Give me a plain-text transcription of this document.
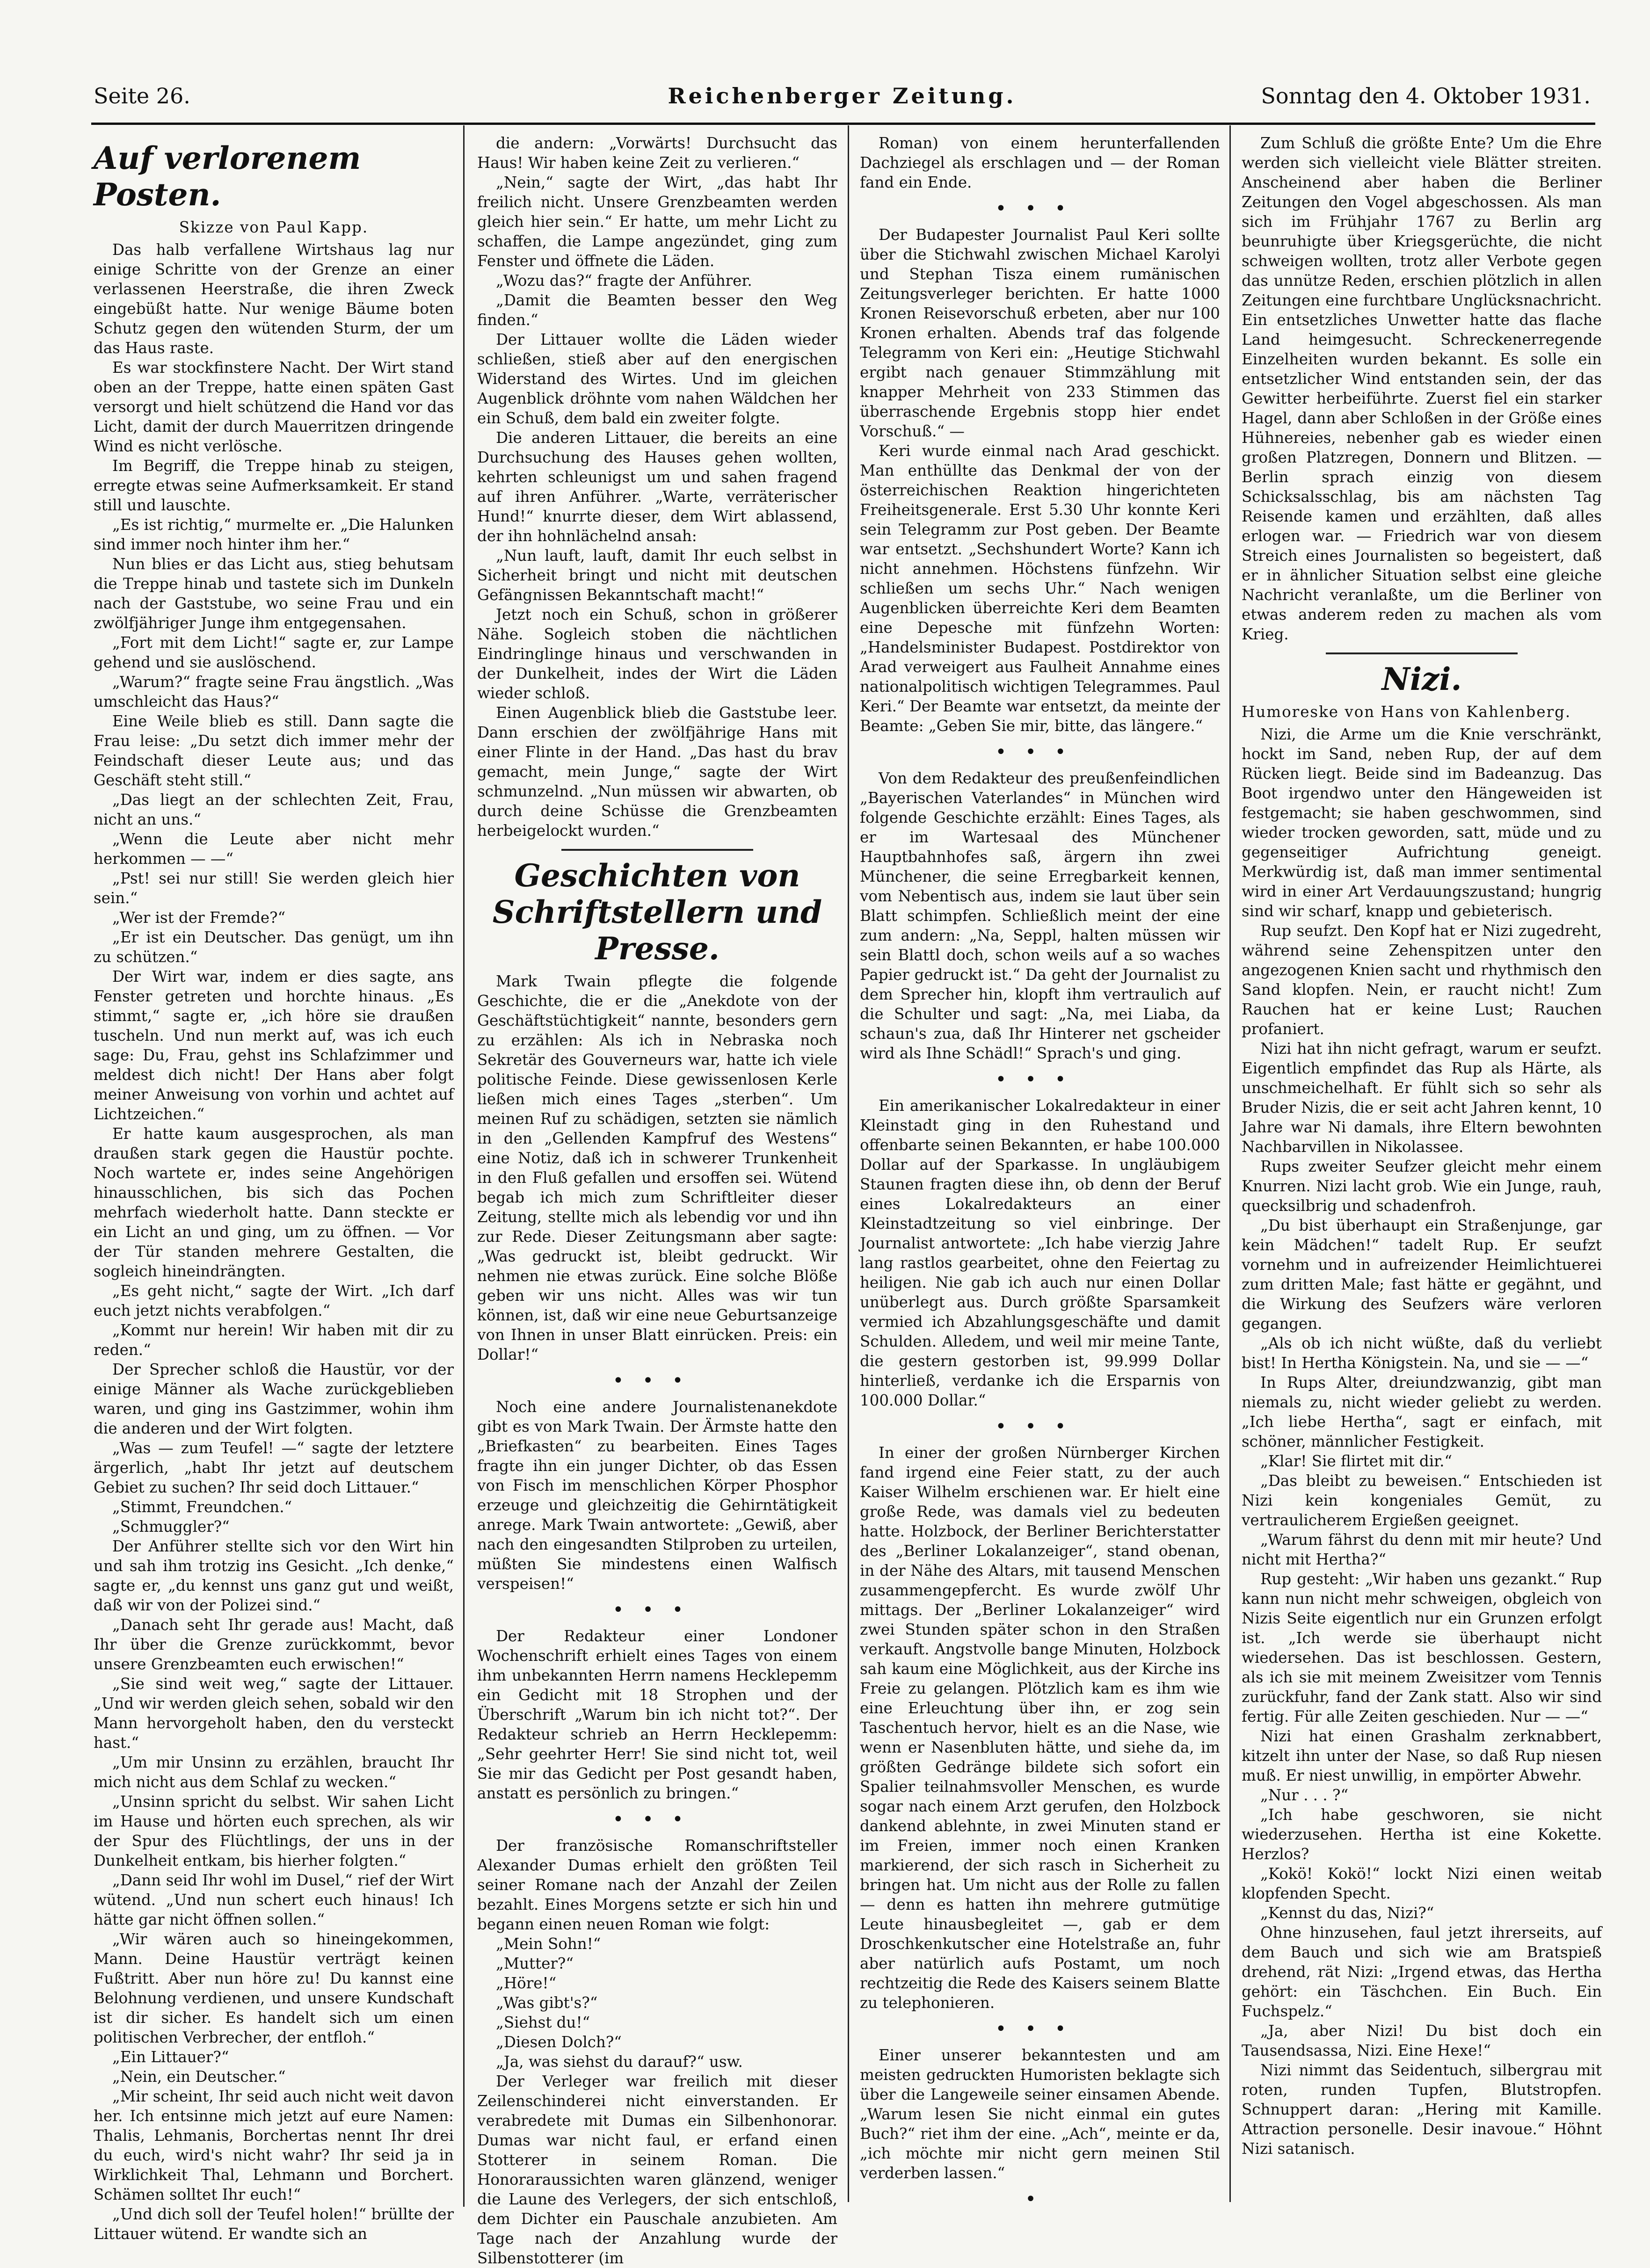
Reichenberger Zeitung.
Seite 26.	Sonntag den 4. Oktober 1931.
Auf verlorenem Posten.
Skizze von Paul Kapp.

Das halb verfallene Wirtshaus lag nur einige Schritte von der Grenze an einer verlassenen Heerstraße, die ihren Zweck eingebüßt hatte. Nur wenige Bäume boten Schutz gegen den wütenden Sturm, der um das Haus raste.

Es war stockfinstere Nacht. Der Wirt stand oben an der Treppe, hatte einen späten Gast versorgt und hielt schützend die Hand vor das Licht, damit der durch Mauerritzen dringende Wind es nicht verlösche.

Im Begriff, die Treppe hinab zu steigen, erregte etwas seine Aufmerksamkeit. Er stand still und lauschte.

„Es ist richtig,“ murmelte er. „Die Halunken sind immer noch hinter ihm her.“

Nun blies er das Licht aus, stieg behutsam die Treppe hinab und tastete sich im Dunkeln nach der Gaststube, wo seine Frau und ein zwölfjähriger Junge ihm entgegensahen.

„Fort mit dem Licht!“ sagte er, zur Lampe gehend und sie auslöschend.

„Warum?“ fragte seine Frau ängstlich. „Was umschleicht das Haus?“

Eine Weile blieb es still. Dann sagte die Frau leise: „Du setzt dich immer mehr der Feindschaft dieser Leute aus; und das Geschäft steht still.“

„Das liegt an der schlechten Zeit, Frau, nicht an uns.“

„Wenn die Leute aber nicht mehr herkommen — —“

„Pst! sei nur still! Sie werden gleich hier sein.“

„Wer ist der Fremde?“

„Er ist ein Deutscher. Das genügt, um ihn zu schützen.“

Der Wirt war, indem er dies sagte, ans Fenster getreten und horchte hinaus. „Es stimmt,“ sagte er, „ich höre sie draußen tuscheln. Und nun merkt auf, was ich euch sage: Du, Frau, gehst ins Schlafzimmer und meldest dich nicht! Der Hans aber folgt meiner Anweisung von vorhin und achtet auf Lichtzeichen.“

Er hatte kaum ausgesprochen, als man draußen stark gegen die Haustür pochte. Noch wartete er, indes seine Angehörigen hinausschlichen, bis sich das Pochen mehrfach wiederholt hatte. Dann steckte er ein Licht an und ging, um zu öffnen. — Vor der Tür standen mehrere Gestalten, die sogleich hineindrängten.

„Es geht nicht,“ sagte der Wirt. „Ich darf euch jetzt nichts verabfolgen.“

„Kommt nur herein! Wir haben mit dir zu reden.“

Der Sprecher schloß die Haustür, vor der einige Männer als Wache zurückgeblieben waren, und ging ins Gastzimmer, wohin ihm die anderen und der Wirt folgten.

„Was — zum Teufel! —“ sagte der letztere ärgerlich, „habt Ihr jetzt auf deutschem Gebiet zu suchen? Ihr seid doch Littauer.“

„Stimmt, Freundchen.“

„Schmuggler?“

Der Anführer stellte sich vor den Wirt hin und sah ihm trotzig ins Gesicht. „Ich denke,“ sagte er, „du kennst uns ganz gut und weißt, daß wir von der Polizei sind.“

„Danach seht Ihr gerade aus! Macht, daß Ihr über die Grenze zurückkommt, bevor unsere Grenzbeamten euch erwischen!“

„Sie sind weit weg,“ sagte der Littauer. „Und wir werden gleich sehen, sobald wir den Mann hervorgeholt haben, den du versteckt hast.“

„Um mir Unsinn zu erzählen, braucht Ihr mich nicht aus dem Schlaf zu wecken.“

„Unsinn spricht du selbst. Wir sahen Licht im Hause und hörten euch sprechen, als wir der Spur des Flüchtlings, der uns in der Dunkelheit entkam, bis hierher folgten.“

„Dann seid Ihr wohl im Dusel,“ rief der Wirt wütend. „Und nun schert euch hinaus! Ich hätte gar nicht öffnen sollen.“

„Wir wären auch so hineingekommen, Mann. Deine Haustür verträgt keinen Fußtritt. Aber nun höre zu! Du kannst eine Belohnung verdienen, und unsere Kundschaft ist dir sicher. Es handelt sich um einen politischen Verbrecher, der entfloh.“

„Ein Littauer?“

„Nein, ein Deutscher.“

„Mir scheint, Ihr seid auch nicht weit davon her. Ich entsinne mich jetzt auf eure Namen: Thalis, Lehmanis, Borchertas nennt Ihr drei du euch, wird's nicht wahr? Ihr seid ja in Wirklichkeit Thal, Lehmann und Borchert. Schämen solltet Ihr euch!“

„Und dich soll der Teufel holen!“ brüllte der Littauer wütend. Er wandte sich an

die andern: „Vorwärts! Durchsucht das Haus! Wir haben keine Zeit zu verlieren.“

„Nein,“ sagte der Wirt, „das habt Ihr freilich nicht. Unsere Grenzbeamten werden gleich hier sein.“ Er hatte, um mehr Licht zu schaffen, die Lampe angezündet, ging zum Fenster und öffnete die Läden.

„Wozu das?“ fragte der Anführer.

„Damit die Beamten besser den Weg finden.“

Der Littauer wollte die Läden wieder schließen, stieß aber auf den energischen Widerstand des Wirtes. Und im gleichen Augenblick dröhnte vom nahen Wäldchen her ein Schuß, dem bald ein zweiter folgte.

Die anderen Littauer, die bereits an eine Durchsuchung des Hauses gehen wollten, kehrten schleunigst um und sahen fragend auf ihren Anführer. „Warte, verräterischer Hund!“ knurrte dieser, dem Wirt ablassend, der ihn hohnlächelnd ansah:

„Nun lauft, lauft, damit Ihr euch selbst in Sicherheit bringt und nicht mit deutschen Gefängnissen Bekanntschaft macht!“

Jetzt noch ein Schuß, schon in größerer Nähe. Sogleich stoben die nächtlichen Eindringlinge hinaus und verschwanden in der Dunkelheit, indes der Wirt die Läden wieder schloß.

Einen Augenblick blieb die Gaststube leer. Dann erschien der zwölfjährige Hans mit einer Flinte in der Hand. „Das hast du brav gemacht, mein Junge,“ sagte der Wirt schmunzelnd. „Nun müssen wir abwarten, ob durch deine Schüsse die Grenzbeamten herbeigelockt wurden.“

Geschichten von Schriftstellern und Presse.

Mark Twain pflegte die folgende Geschichte, die er die „Anekdote von der Geschäftstüchtigkeit“ nannte, besonders gern zu erzählen: Als ich in Nebraska noch Sekretär des Gouverneurs war, hatte ich viele politische Feinde. Diese gewissenlosen Kerle ließen mich eines Tages „sterben“. Um meinen Ruf zu schädigen, setzten sie nämlich in den „Gellenden Kampfruf des Westens“ eine Notiz, daß ich in schwerer Trunkenheit in den Fluß gefallen und ersoffen sei. Wütend begab ich mich zum Schriftleiter dieser Zeitung, stellte mich als lebendig vor und ihn zur Rede. Dieser Zeitungsmann aber sagte: „Was gedruckt ist, bleibt gedruckt. Wir nehmen nie etwas zurück. Eine solche Blöße geben wir uns nicht. Alles was wir tun können, ist, daß wir eine neue Geburtsanzeige von Ihnen in unser Blatt einrücken. Preis: ein Dollar!“

•••

Noch eine andere Journalistenanekdote gibt es von Mark Twain. Der Ärmste hatte den „Briefkasten“ zu bearbeiten. Eines Tages fragte ihn ein junger Dichter, ob das Essen von Fisch im menschlichen Körper Phosphor erzeuge und gleichzeitig die Gehirntätigkeit anrege. Mark Twain antwortete: „Gewiß, aber nach den eingesandten Stilproben zu urteilen, müßten Sie mindestens einen Walfisch verspeisen!“

•••

Der Redakteur einer Londoner Wochenschrift erhielt eines Tages von einem ihm unbekannten Herrn namens Hecklepemm ein Gedicht mit 18 Strophen und der Überschrift „Warum bin ich nicht tot?“. Der Redakteur schrieb an Herrn Hecklepemm: „Sehr geehrter Herr! Sie sind nicht tot, weil Sie mir das Gedicht per Post gesandt haben, anstatt es persönlich zu bringen.“

•••

Der französische Romanschriftsteller Alexander Dumas erhielt den größten Teil seiner Romane nach der Anzahl der Zeilen bezahlt. Eines Morgens setzte er sich hin und begann einen neuen Roman wie folgt:

„Mein Sohn!“

„Mutter?“

„Höre!“

„Was gibt's?“

„Siehst du!“

„Diesen Dolch?“

„Ja, was siehst du darauf?“ usw.

Der Verleger war freilich mit dieser Zeilenschinderei nicht einverstanden. Er verabredete mit Dumas ein Silbenhonorar. Dumas war nicht faul, er erfand einen Stotterer in seinem Roman. Die Honoraraussichten waren glänzend, weniger die Laune des Verlegers, der sich entschloß, dem Dichter ein Pauschale anzubieten. Am Tage nach der Anzahlung wurde der Silbenstotterer (im

Roman) von einem herunterfallenden Dachziegel als erschlagen und — der Roman fand ein Ende.

•••

Der Budapester Journalist Paul Keri sollte über die Stichwahl zwischen Michael Karolyi und Stephan Tisza einem rumänischen Zeitungsverleger berichten. Er hatte 1000 Kronen Reisevorschuß erbeten, aber nur 100 Kronen erhalten. Abends traf das folgende Telegramm von Keri ein: „Heutige Stichwahl ergibt nach genauer Stimmzählung mit knapper Mehrheit von 233 Stimmen das überraschende Ergebnis stopp hier endet Vorschuß.“ —

Keri wurde einmal nach Arad geschickt. Man enthüllte das Denkmal der von der österreichischen Reaktion hingerichteten Freiheitsgenerale. Erst 5.30 Uhr konnte Keri sein Telegramm zur Post geben. Der Beamte war entsetzt. „Sechshundert Worte? Kann ich nicht annehmen. Höchstens fünfzehn. Wir schließen um sechs Uhr.“ Nach wenigen Augenblicken überreichte Keri dem Beamten eine Depesche mit fünfzehn Worten: „Handelsminister Budapest. Postdirektor von Arad verweigert aus Faulheit Annahme eines nationalpolitisch wichtigen Telegrammes. Paul Keri.“ Der Beamte war entsetzt, da meinte der Beamte: „Geben Sie mir, bitte, das längere.“

•••

Von dem Redakteur des preußenfeindlichen „Bayerischen Vaterlandes“ in München wird folgende Geschichte erzählt: Eines Tages, als er im Wartesaal des Münchener Hauptbahnhofes saß, ärgern ihn zwei Münchener, die seine Erregbarkeit kennen, vom Nebentisch aus, indem sie laut über sein Blatt schimpfen. Schließlich meint der eine zum andern: „Na, Seppl, halten müssen wir sein Blattl doch, schon weils auf a so waches Papier gedruckt ist.“ Da geht der Journalist zu dem Sprecher hin, klopft ihm vertraulich auf die Schulter und sagt: „Na, mei Liaba, da schaun's zua, daß Ihr Hinterer net gscheider wird als Ihne Schädl!“ Sprach's und ging.

•••

Ein amerikanischer Lokalredakteur in einer Kleinstadt ging in den Ruhestand und offenbarte seinen Bekannten, er habe 100.000 Dollar auf der Sparkasse. In ungläubigem Staunen fragten diese ihn, ob denn der Beruf eines Lokalredakteurs an einer Kleinstadtzeitung so viel einbringe. Der Journalist antwortete: „Ich habe vierzig Jahre lang rastlos gearbeitet, ohne den Feiertag zu heiligen. Nie gab ich auch nur einen Dollar unüberlegt aus. Durch größte Sparsamkeit vermied ich Abzahlungsgeschäfte und damit Schulden. Alledem, und weil mir meine Tante, die gestern gestorben ist, 99.999 Dollar hinterließ, verdanke ich die Ersparnis von 100.000 Dollar.“

•••

In einer der großen Nürnberger Kirchen fand irgend eine Feier statt, zu der auch Kaiser Wilhelm erschienen war. Er hielt eine große Rede, was damals viel zu bedeuten hatte. Holzbock, der Berliner Berichterstatter des „Berliner Lokalanzeiger“, stand obenan, in der Nähe des Altars, mit tausend Menschen zusammengepfercht. Es wurde zwölf Uhr mittags. Der „Berliner Lokalanzeiger“ wird zwei Stunden später schon in den Straßen verkauft. Angstvolle bange Minuten, Holzbock sah kaum eine Möglichkeit, aus der Kirche ins Freie zu gelangen. Plötzlich kam es ihm wie eine Erleuchtung über ihn, er zog sein Taschentuch hervor, hielt es an die Nase, wie wenn er Nasenbluten hätte, und siehe da, im größten Gedränge bildete sich sofort ein Spalier teilnahmsvoller Menschen, es wurde sogar nach einem Arzt gerufen, den Holzbock dankend ablehnte, in zwei Minuten stand er im Freien, immer noch einen Kranken markierend, der sich rasch in Sicherheit zu bringen hat. Um nicht aus der Rolle zu fallen — denn es hatten ihn mehrere gutmütige Leute hinausbegleitet —, gab er dem Droschkenkutscher eine Hotelstraße an, fuhr aber natürlich aufs Postamt, um noch rechtzeitig die Rede des Kaisers seinem Blatte zu telephonieren.

•••

Einer unserer bekanntesten und am meisten gedruckten Humoristen beklagte sich über die Langeweile seiner einsamen Abende. „Warum lesen Sie nicht einmal ein gutes Buch?“ riet ihm der eine. „Ach“, meinte er da, „ich möchte mir nicht gern meinen Stil verderben lassen.“

•

Zum Schluß die größte Ente? Um die Ehre werden sich vielleicht viele Blätter streiten. Anscheinend aber haben die Berliner Zeitungen den Vogel abgeschossen. Als man sich im Frühjahr 1767 zu Berlin arg beunruhigte über Kriegsgerüchte, die nicht schweigen wollten, trotz aller Verbote gegen das unnütze Reden, erschien plötzlich in allen Zeitungen eine furchtbare Unglücksnachricht. Ein entsetzliches Unwetter hatte das flache Land heimgesucht. Schreckenerregende Einzelheiten wurden bekannt. Es solle ein entsetzlicher Wind entstanden sein, der das Gewitter herbeiführte. Zuerst fiel ein starker Hagel, dann aber Schloßen in der Größe eines Hühnereies, nebenher gab es wieder einen großen Platzregen, Donnern und Blitzen. — Berlin sprach einzig von diesem Schicksalsschlag, bis am nächsten Tag Reisende kamen und erzählten, daß alles erlogen war. — Friedrich war von diesem Streich eines Journalisten so begeistert, daß er in ähnlicher Situation selbst eine gleiche Nachricht veranlaßte, um die Berliner von etwas anderem reden zu machen als vom Krieg.

Nizi.
Humoreske von Hans von Kahlenberg.

Nizi, die Arme um die Knie verschränkt, hockt im Sand, neben Rup, der auf dem Rücken liegt. Beide sind im Badeanzug. Das Boot irgendwo unter den Hängeweiden ist festgemacht; sie haben geschwommen, sind wieder trocken geworden, satt, müde und zu gegenseitiger Aufrichtung geneigt. Merkwürdig ist, daß man immer sentimental wird in einer Art Verdauungszustand; hungrig sind wir scharf, knapp und gebieterisch.

Rup seufzt. Den Kopf hat er Nizi zugedreht, während seine Zehenspitzen unter den angezogenen Knien sacht und rhythmisch den Sand klopfen. Nein, er raucht nicht! Zum Rauchen hat er keine Lust; Rauchen profaniert.

Nizi hat ihn nicht gefragt, warum er seufzt. Eigentlich empfindet das Rup als Härte, als unschmeichelhaft. Er fühlt sich so sehr als Bruder Nizis, die er seit acht Jahren kennt, 10 Jahre war Ni damals, ihre Eltern bewohnten Nachbarvillen in Nikolassee.

Rups zweiter Seufzer gleicht mehr einem Knurren. Nizi lacht grob. Wie ein Junge, rauh, quecksilbrig und schadenfroh.

„Du bist überhaupt ein Straßenjunge, gar kein Mädchen!“ tadelt Rup. Er seufzt vornehm und in aufreizender Heimlichtuerei zum dritten Male; fast hätte er gegähnt, und die Wirkung des Seufzers wäre verloren gegangen.

„Als ob ich nicht wüßte, daß du verliebt bist! In Hertha Königstein. Na, und sie — —“

In Rups Alter, dreiundzwanzig, gibt man niemals zu, nicht wieder geliebt zu werden. „Ich liebe Hertha“, sagt er einfach, mit schöner, männlicher Festigkeit.

„Klar! Sie flirtet mit dir.“

„Das bleibt zu beweisen.“ Entschieden ist Nizi kein kongeniales Gemüt, zu vertraulicherem Ergießen geeignet.

„Warum fährst du denn mit mir heute? Und nicht mit Hertha?“

Rup gesteht: „Wir haben uns gezankt.“ Rup kann nun nicht mehr schweigen, obgleich von Nizis Seite eigentlich nur ein Grunzen erfolgt ist. „Ich werde sie überhaupt nicht wiedersehen. Das ist beschlossen. Gestern, als ich sie mit meinem Zweisitzer vom Tennis zurückfuhr, fand der Zank statt. Also wir sind fertig. Für alle Zeiten geschieden. Nur — —“

Nizi hat einen Grashalm zerknabbert, kitzelt ihn unter der Nase, so daß Rup niesen muß. Er niest unwillig, in empörter Abwehr.

„Nur . . . ?“

„Ich habe geschworen, sie nicht wiederzusehen. Hertha ist eine Kokette. Herzlos?

„Kokö! Kokö!“ lockt Nizi einen weitab klopfenden Specht.

„Kennst du das, Nizi?“

Ohne hinzusehen, faul jetzt ihrerseits, auf dem Bauch und sich wie am Bratspieß drehend, rät Nizi: „Irgend etwas, das Hertha gehört: ein Täschchen. Ein Buch. Ein Fuchspelz.“

„Ja, aber Nizi! Du bist doch ein Tausendsassa, Nizi. Eine Hexe!“

Nizi nimmt das Seidentuch, silbergrau mit roten, runden Tupfen, Blutstropfen. Schnuppert daran: „Hering mit Kamille. Attraction personelle. Desir inavoue.“ Höhnt Nizi satanisch.
